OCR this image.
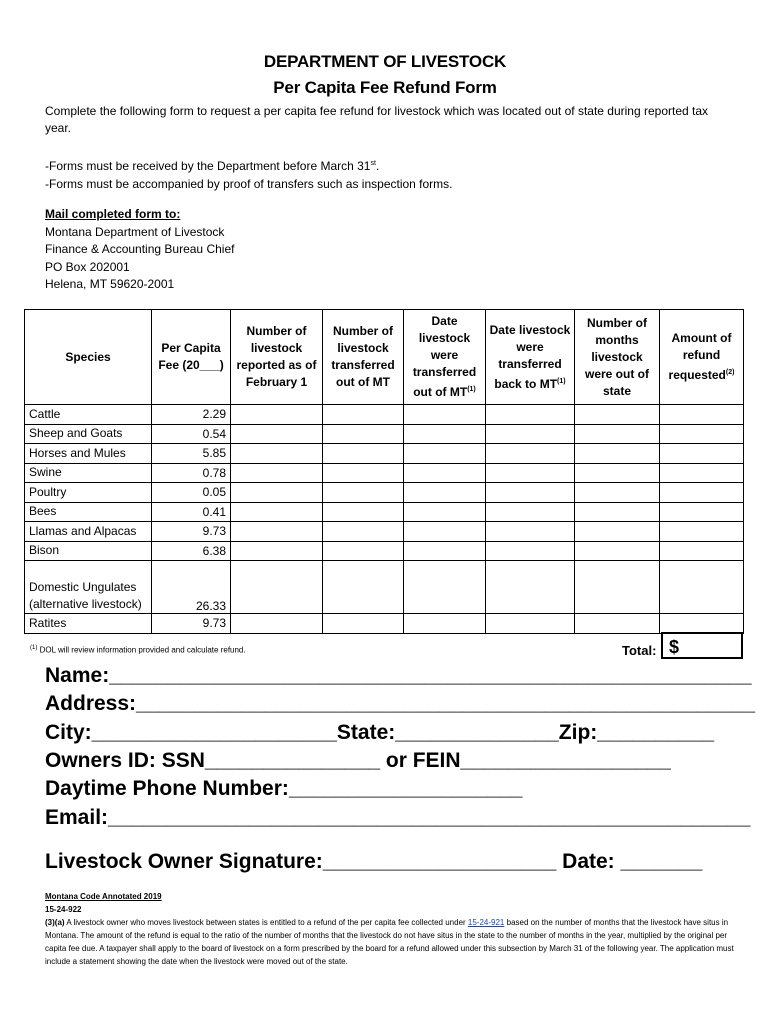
DEPARTMENT OF LIVESTOCK
Per Capita Fee Refund Form
Complete the following form to request a per capita fee refund for livestock which was located out of state during reported tax year.
-Forms must be received by the Department before March 31st.
-Forms must be accompanied by proof of transfers such as inspection forms.
Mail completed form to:
Montana Department of Livestock
Finance & Accounting Bureau Chief
PO Box 202001
Helena, MT 59620-2001
Species	Per Capita Fee (20___)	Number of livestock reported as of February 1	Number of livestock transferred out of MT	Date livestock were transferred out of MT$^{(1)}$	Date livestock were transferred back to MT$^{(1)}$	Number of months livestock were out of state	Amount of refund requested$^{(2)}$
Cattle	2.29						
Sheep and Goats	0.54						
Horses and Mules	5.85						
Swine	0.78						
Poultry	0.05						
Bees	0.41						
Llamas and Alpacas	9.73						
Bison	6.38						
Domestic Ungulates (alternative livestock)	26.33						
Ratites	9.73						
$^{(1)}$ DOL will review information provided and calculate refund.	Total: $
Name:_______________________________________________________
Address:_____________________________________________________
City:_____________________State:______________Zip:__________
Owners ID: SSN_______________ or FEIN__________________
Daytime Phone Number:____________________
Email:_______________________________________________________
Livestock Owner Signature:____________________ Date: _______
Montana Code Annotated 2019
15-24-922
(3)(a) A livestock owner who moves livestock between states is entitled to a refund of the per capita fee collected under 15-24-921 based on the number of months that the livestock have situs in Montana. The amount of the refund is equal to the ratio of the number of months that the livestock do not have situs in the state to the number of months in the year, multiplied by the original per capita fee due. A taxpayer shall apply to the board of livestock on a form prescribed by the board for a refund allowed under this subsection by March 31 of the following year. The application must include a statement showing the date when the livestock were moved out of the state.
